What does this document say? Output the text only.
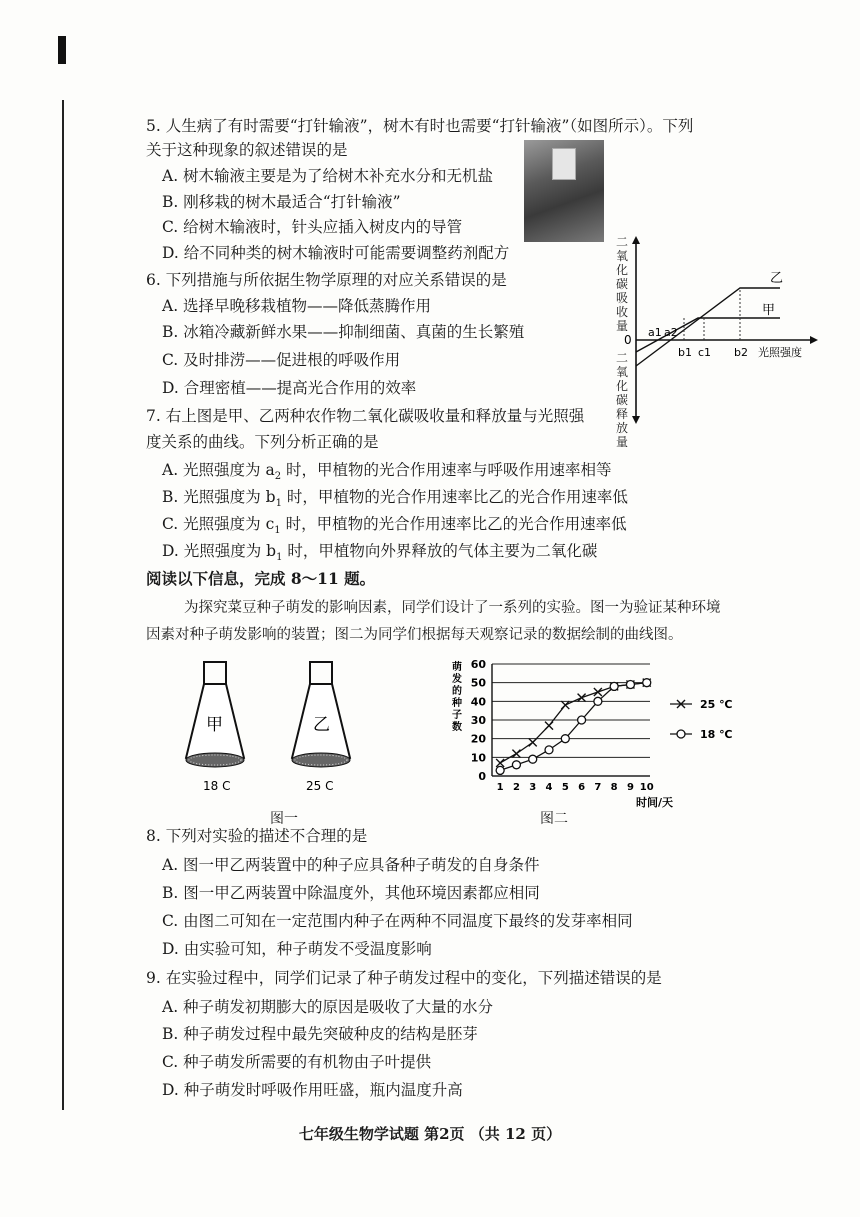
5. 人生病了有时需要“打针输液”，树木有时也需要“打针输液”（如图所示）。下列
关于这种现象的叙述错误的是
A. 树木输液主要是为了给树木补充水分和无机盐
B. 刚移栽的树木最适合“打针输液”
C. 给树木输液时，针头应插入树皮内的导管
D. 给不同种类的树木输液时可能需要调整药剂配方
6. 下列措施与所依据生物学原理的对应关系错误的是
A. 选择早晚移栽植物——降低蒸腾作用
B. 冰箱冷藏新鲜水果——抑制细菌、真菌的生长繁殖
C. 及时排涝——促进根的呼吸作用
D. 合理密植——提高光合作用的效率
二氧化碳吸收量
二氧化碳释放量
0
乙
甲
a1 a2
b1 c1 b2 光照强度
7. 右上图是甲、乙两种农作物二氧化碳吸收量和释放量与光照强
度关系的曲线。下列分析正确的是
A. 光照强度为 $a_2$ 时，甲植物的光合作用速率与呼吸作用速率相等
B. 光照强度为 $b_1$ 时，甲植物的光合作用速率比乙的光合作用速率低
C. 光照强度为 $c_1$ 时，甲植物的光合作用速率比乙的光合作用速率低
D. 光照强度为 $b_1$ 时，甲植物向外界释放的气体主要为二氧化碳
阅读以下信息，完成 8～11 题。
为探究菜豆种子萌发的影响因素，同学们设计了一系列的实验。图一为验证某种环境
因素对种子萌发影响的装置；图二为同学们根据每天观察记录的数据绘制的曲线图。
甲
18 C
乙
25 C
图一
0
10
20
30
40
50
60
1 2 3 4 5 6 7 8 9 10
萌发的种子数
时间/天
25 ℃
18 ℃
图二
8. 下列对实验的描述不合理的是
A. 图一甲乙两装置中的种子应具备种子萌发的自身条件
B. 图一甲乙两装置中除温度外，其他环境因素都应相同
C. 由图二可知在一定范围内种子在两种不同温度下最终的发芽率相同
D. 由实验可知，种子萌发不受温度影响
9. 在实验过程中，同学们记录了种子萌发过程中的变化，下列描述错误的是
A. 种子萌发初期膨大的原因是吸收了大量的水分
B. 种子萌发过程中最先突破种皮的结构是胚芽
C. 种子萌发所需要的有机物由子叶提供
D. 种子萌发时呼吸作用旺盛，瓶内温度升高
七年级生物学试题 第2页 （共 12 页）
